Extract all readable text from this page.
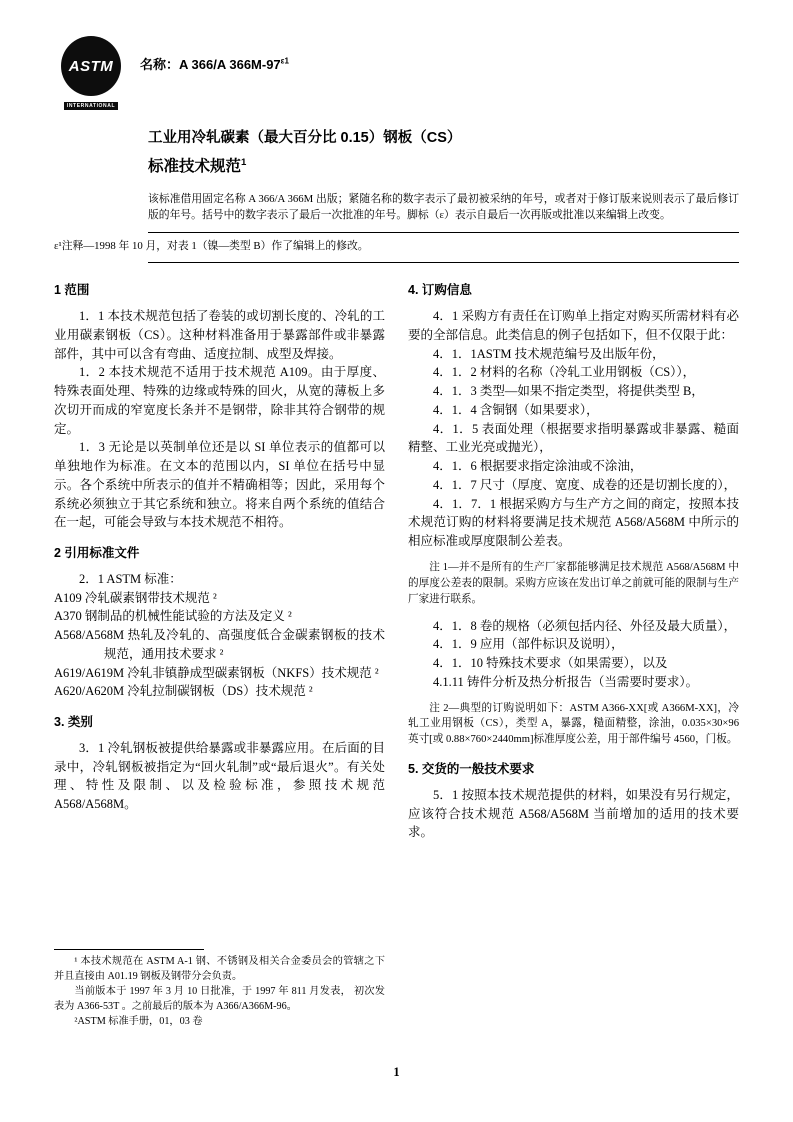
ASTM
INTERNATIONAL
名称：A 366/A $366M-97^{\varepsilon 1}$
工业用冷轧碳素（最大百分比 0.15）钢板（CS）
标准技术规范$^1$
该标准借用固定名称 A 366/A 366M 出版；紧随名称的数字表示了最初被采纳的年号，或者对于修订版来说则表示了最后修订版的年号。括号中的数字表示了最后一次批准的年号。脚标（ε）表示自最后一次再版或批准以来编辑上改变。
ε¹注释—1998 年 10 月，对表 1（镍—类型 B）作了编辑上的修改。
1 范围

1．1 本技术规范包括了卷装的或切割长度的、冷轧的工业用碳素钢板（CS）。这种材料准备用于暴露部件或非暴露部件，其中可以含有弯曲、适度拉制、成型及焊接。

1．2 本技术规范不适用于技术规范 A109。由于厚度、特殊表面处理、特殊的边缘或特殊的回火，从宽的薄板上多次切开而成的窄宽度长条并不是钢带，除非其符合钢带的规定。

1．3 无论是以英制单位还是以 SI 单位表示的值都可以单独地作为标准。在文本的范围以内，SI 单位在括号中显示。各个系统中所表示的值并不精确相等；因此，采用每个系统必须独立于其它系统和独立。将来自两个系统的值结合在一起，可能会导致与本技术规范不相符。

2 引用标准文件

2．1 ASTM 标准：

A109 冷轧碳素钢带技术规范 ²

A370 钢制品的机械性能试验的方法及定义 ²

A568/A568M 热轧及冷轧的、高强度低合金碳素钢板的技术规范，通用技术要求 ²

A619/A619M 冷轧非镇静成型碳素钢板（NKFS）技术规范 ²

A620/A620M 冷轧拉制碳钢板（DS）技术规范 ²

3. 类别

3．1 冷轧钢板被提供给暴露或非暴露应用。在后面的目录中，冷轧钢板被指定为“回火轧制”或“最后退火”。有关处理、特性及限制、以及检验标准，参照技术规范 A568/A568M。

¹ 本技术规范在 ASTM A-1 钢、不锈钢及相关合金委员会的管辖之下并且直接由 A01.19 钢板及钢带分会负责。

当前版本于 1997 年 3 月 10 日批准，于 1997 年 811 月发表， 初次发表为 A366-53T 。之前最后的版本为 A366/A366M-96。

²ASTM 标准手册，01，03 卷

4. 订购信息

4．1 采购方有责任在订购单上指定对购买所需材料有必要的全部信息。此类信息的例子包括如下，但不仅限于此：

4．1．1ASTM 技术规范编号及出版年份，

4．1．2 材料的名称（冷轧工业用钢板（CS）），

4．1．3 类型—如果不指定类型，将提供类型 B，

4．1．4 含铜钢（如果要求），

4．1．5 表面处理（根据要求指明暴露或非暴露、糙面精整、工业光亮或抛光），

4．1．6 根据要求指定涂油或不涂油，

4．1．7 尺寸（厚度、宽度、成卷的还是切割长度的），

4．1．7．1 根据采购方与生产方之间的商定，按照本技术规范订购的材料将要满足技术规范 A568/A568M 中所示的相应标准或厚度限制公差表。

注 1—并不是所有的生产厂家都能够满足技术规范 A568/A568M 中的厚度公差表的限制。采购方应该在发出订单之前就可能的限制与生产厂家进行联系。

4．1．8 卷的规格（必须包括内径、外径及最大质量），

4．1．9 应用（部件标识及说明），

4．1．10 特殊技术要求（如果需要），以及

4.1.11 铸件分析及热分析报告（当需要时要求）。

注 2—典型的订购说明如下：ASTM A366-XX[或 A366M-XX]，冷轧工业用钢板（CS），类型 A，暴露，糙面精整，涂油，0.035×30×96 英寸[或 0.88×760×2440mm]标准厚度公差，用于部件编号 4560，门板。

5. 交货的一般技术要求

5．1 按照本技术规范提供的材料，如果没有另行规定，应该符合技术规范 A568/A568M 当前增加的适用的技术要求。

1
